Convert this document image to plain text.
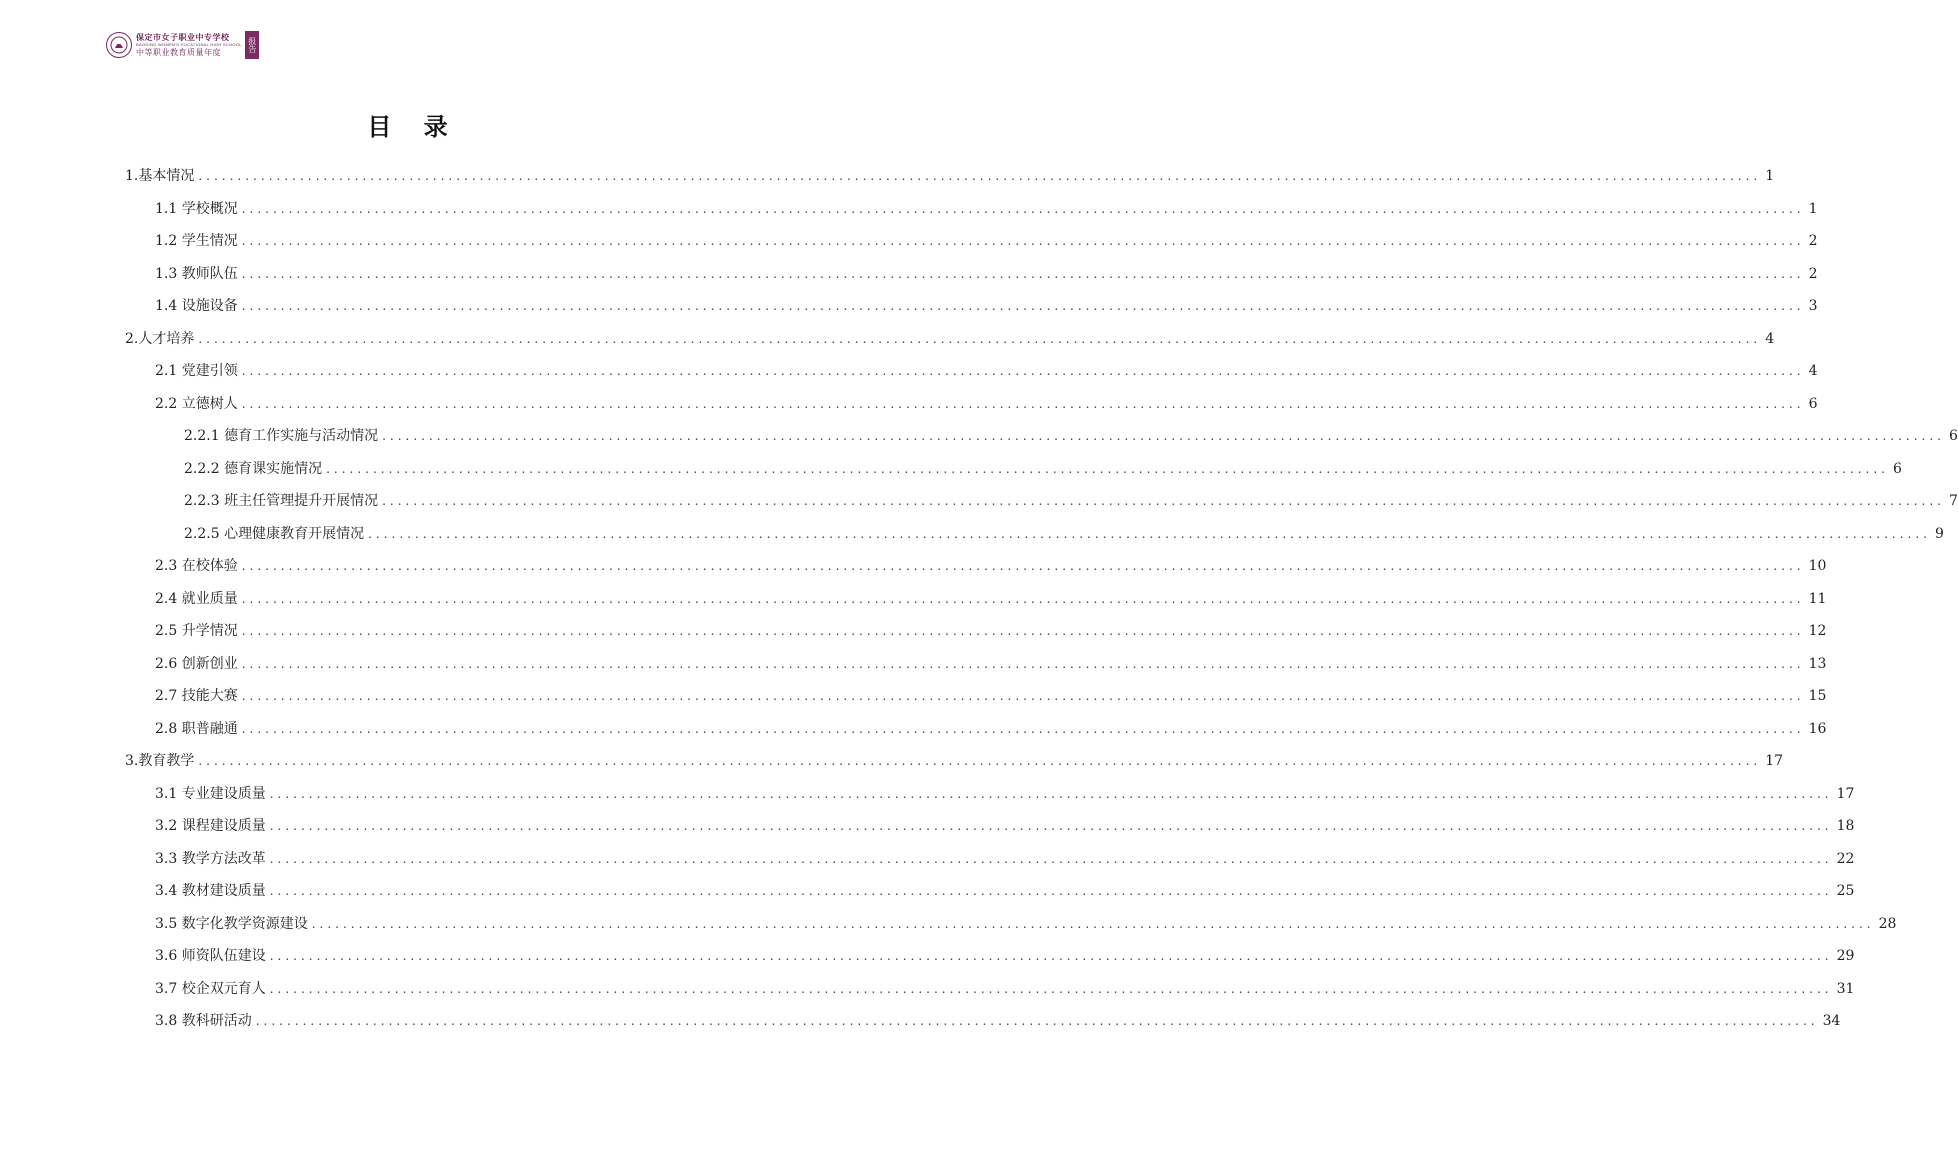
保定市女子职业中专学校
BAODING WOMEN'S VOCATIONAL HIGH SCHOOL
中等职业教育质量年度	报告
目 录
1.基本情况 ........................................................................................................................................................................................................ 1
1.1 学校概况 ........................................................................................................................................................................................................ 1
1.2 学生情况 ........................................................................................................................................................................................................ 2
1.3 教师队伍 ........................................................................................................................................................................................................ 2
1.4 设施设备 ........................................................................................................................................................................................................ 3
2.人才培养 ........................................................................................................................................................................................................ 4
2.1 党建引领 ........................................................................................................................................................................................................ 4
2.2 立德树人 ........................................................................................................................................................................................................ 6
2.2.1 德育工作实施与活动情况 ........................................................................................................................................................................................................ 6
2.2.2 德育课实施情况 ........................................................................................................................................................................................................ 6
2.2.3 班主任管理提升开展情况 ........................................................................................................................................................................................................ 7
2.2.5 心理健康教育开展情况 ........................................................................................................................................................................................................ 9
2.3 在校体验 ........................................................................................................................................................................................................ 10
2.4 就业质量 ........................................................................................................................................................................................................ 11
2.5 升学情况 ........................................................................................................................................................................................................ 12
2.6 创新创业 ........................................................................................................................................................................................................ 13
2.7 技能大赛 ........................................................................................................................................................................................................ 15
2.8 职普融通 ........................................................................................................................................................................................................ 16
3.教育教学 ........................................................................................................................................................................................................ 17
3.1 专业建设质量 ........................................................................................................................................................................................................ 17
3.2 课程建设质量 ........................................................................................................................................................................................................ 18
3.3 教学方法改革 ........................................................................................................................................................................................................ 22
3.4 教材建设质量 ........................................................................................................................................................................................................ 25
3.5 数字化教学资源建设 ........................................................................................................................................................................................................ 28
3.6 师资队伍建设 ........................................................................................................................................................................................................ 29
3.7 校企双元育人 ........................................................................................................................................................................................................ 31
3.8 教科研活动 ........................................................................................................................................................................................................ 34
